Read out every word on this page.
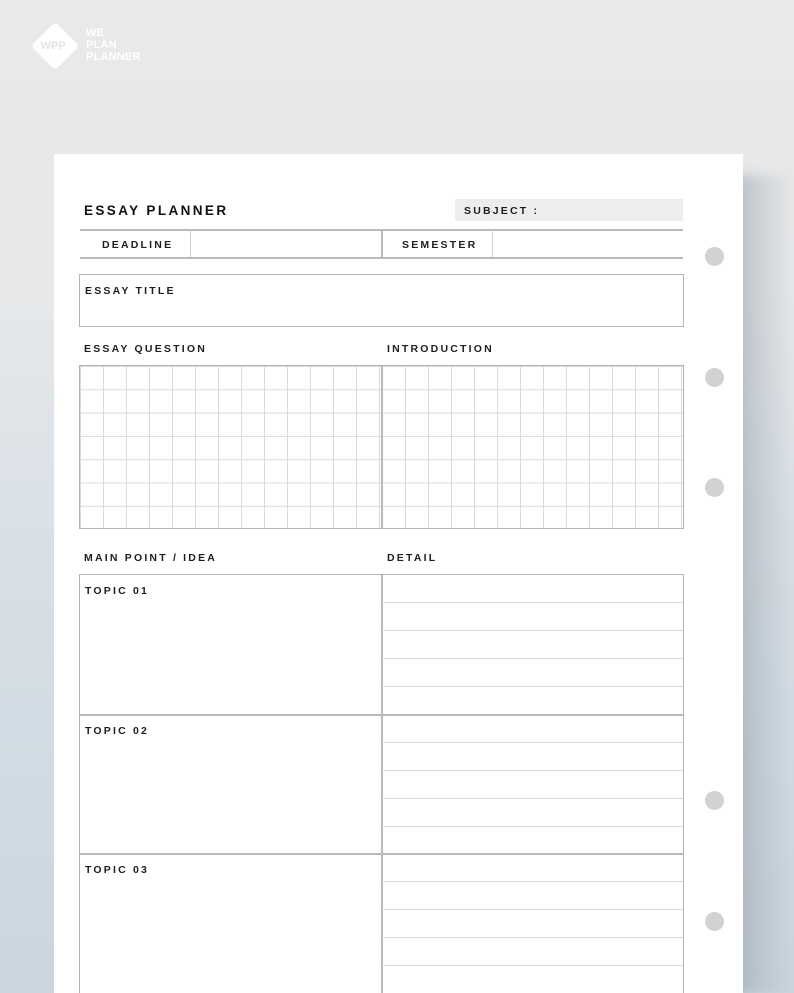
WPP
WE
PLAN
PLANNER
ESSAY PLANNER	SUBJECT :
DEADLINE	SEMESTER
ESSAY TITLE
ESSAY QUESTION	INTRODUCTION
MAIN POINT / IDEA	DETAIL
TOPIC 01
TOPIC 02
TOPIC 03
